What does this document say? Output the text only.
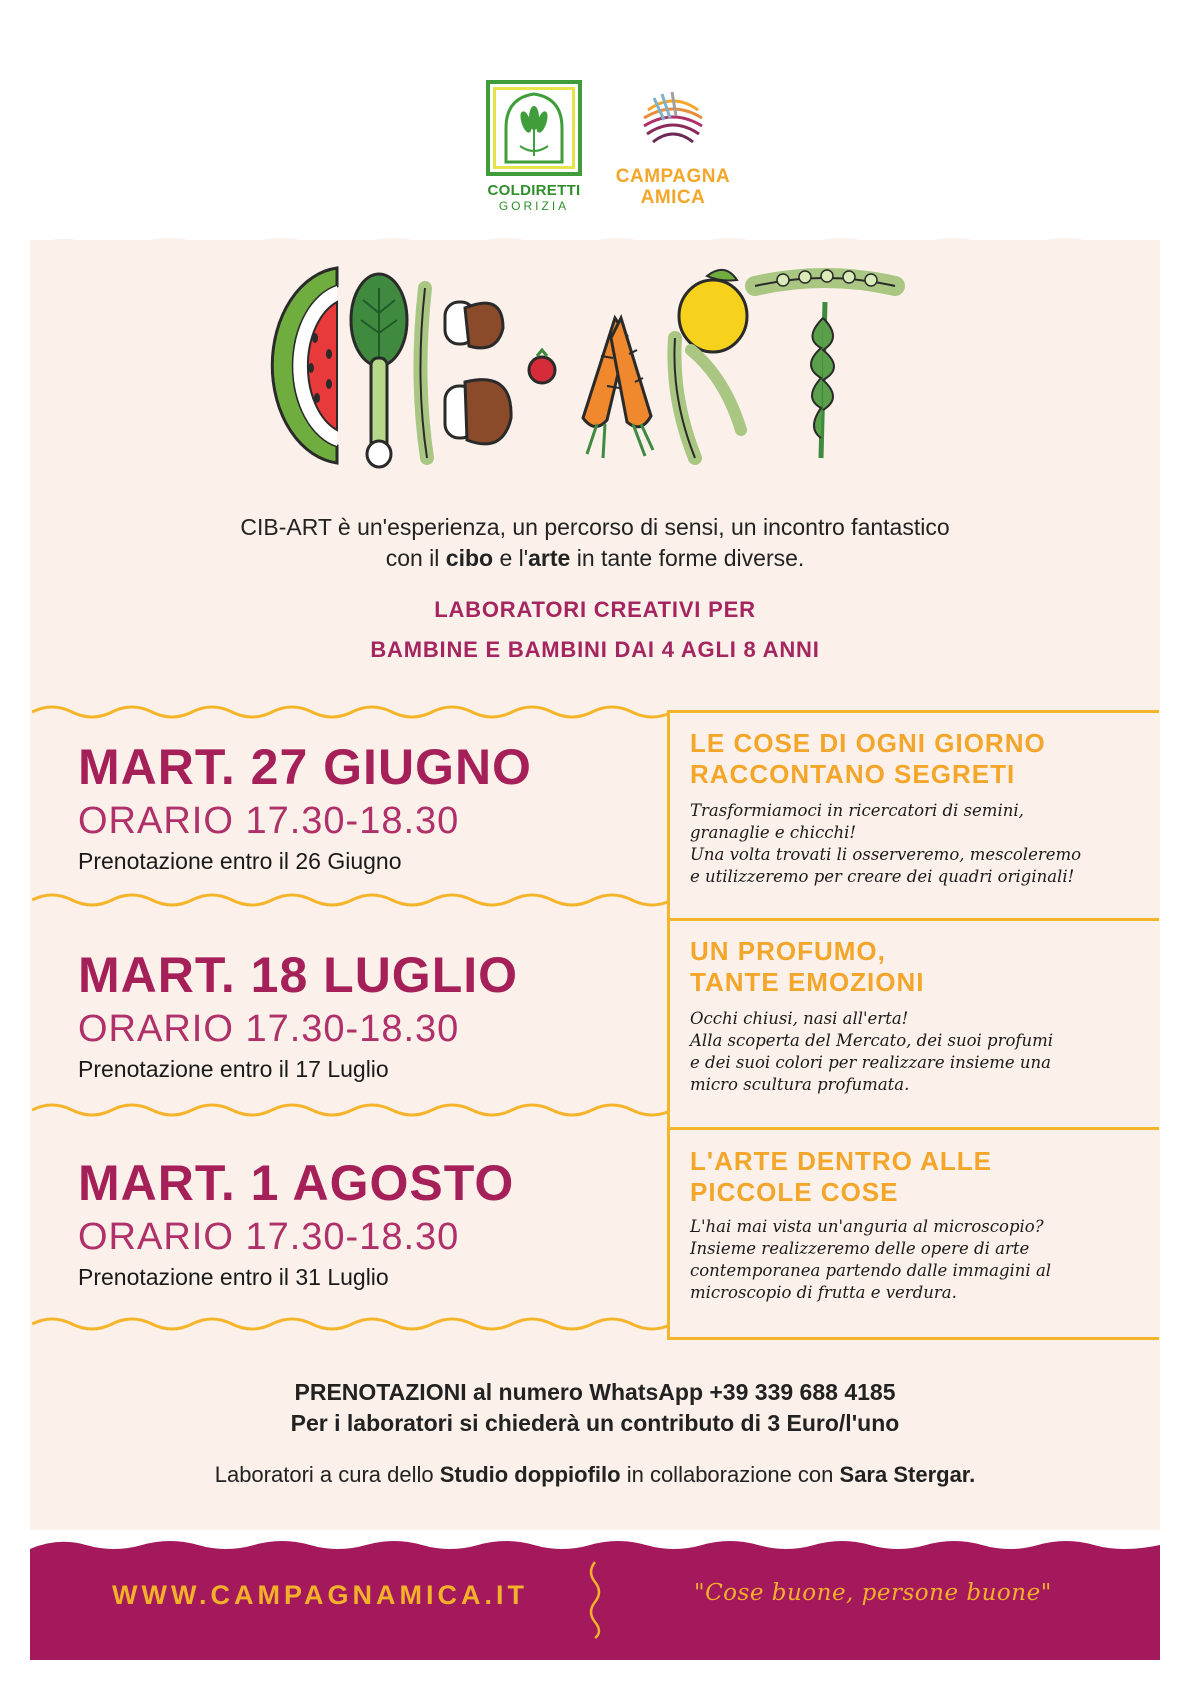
COLDIRETTI
GORIZIA
CAMPAGNA
AMICA
CIB-ART è un'esperienza, un percorso di sensi, un incontro fantastico
con il cibo e l'arte in tante forme diverse.
LABORATORI CREATIVI PER
BAMBINE E BAMBINI DAI 4 AGLI 8 ANNI
MART. 27 GIUGNO
ORARIO 17.30-18.30
Prenotazione entro il 26 Giugno
LE COSE DI OGNI GIORNO
RACCONTANO SEGRETI
Trasformiamoci in ricercatori di semini,
granaglie e chicchi!
Una volta trovati li osserveremo, mescoleremo
e utilizzeremo per creare dei quadri originali!
MART. 18 LUGLIO
ORARIO 17.30-18.30
Prenotazione entro il 17 Luglio
UN PROFUMO,
TANTE EMOZIONI
Occhi chiusi, nasi all'erta!
Alla scoperta del Mercato, dei suoi profumi
e dei suoi colori per realizzare insieme una
micro scultura profumata.
MART. 1 AGOSTO
ORARIO 17.30-18.30
Prenotazione entro il 31 Luglio
L'ARTE DENTRO ALLE
PICCOLE COSE
L'hai mai vista un'anguria al microscopio?
Insieme realizzeremo delle opere di arte
contemporanea partendo dalle immagini al
microscopio di frutta e verdura.
PRENOTAZIONI al numero WhatsApp +39 339 688 4185
Per i laboratori si chiederà un contributo di 3 Euro/l'uno
Laboratori a cura dello Studio doppiofilo in collaborazione con Sara Stergar.
WWW.CAMPAGNAMICA.IT	"Cose buone, persone buone"
